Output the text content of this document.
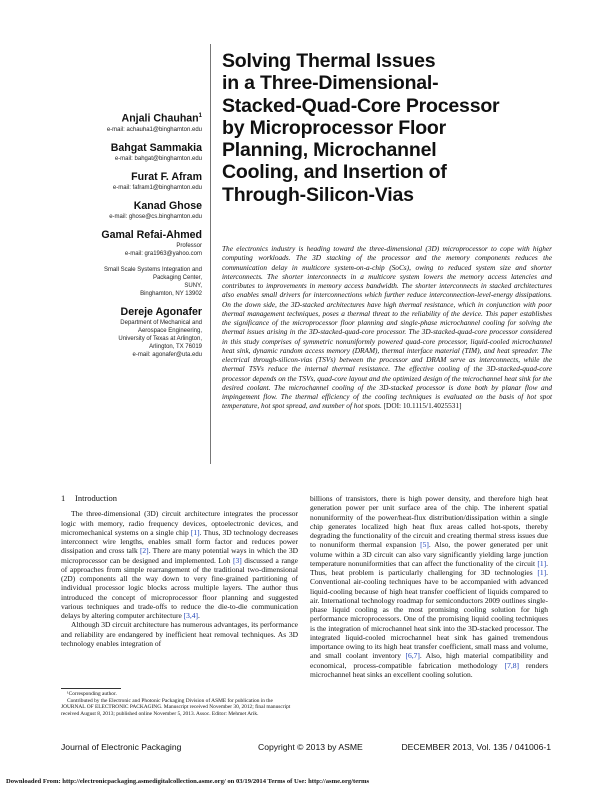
Solving Thermal Issues
in a Three-Dimensional-
Stacked-Quad-Core Processor
by Microprocessor Floor
Planning, Microchannel
Cooling, and Insertion of
Through-Silicon-Vias
Anjali Chauhan$^1$
e-mail: achauha1@binghamton.edu
Bahgat Sammakia
e-mail: bahgat@binghamton.edu
Furat F. Afram
e-mail: fafram1@binghamton.edu
Kanad Ghose
e-mail: ghose@cs.binghamton.edu
Gamal Refai-Ahmed
Professor
e-mail: gra1963@yahoo.com
Small Scale Systems Integration and
Packaging Center,
SUNY,
Binghamton, NY 13902
Dereje Agonafer
Department of Mechanical and
Aerospace Engineering,
University of Texas at Arlington,
Arlington, TX 76019
e-mail: agonafer@uta.edu

The electronics industry is heading toward the three-dimensional (3D) microprocessor to cope with higher computing workloads. The 3D stacking of the processor and the memory components reduces the communication delay in multicore system-on-a-chip (SoCs), owing to reduced system size and shorter interconnects. The shorter interconnects in a multicore system lowers the memory access latencies and contributes to improvements in memory access bandwidth. The shorter interconnects in stacked architectures also enables small drivers for interconnections which further reduce interconnection-level-energy dissipations. On the down side, the 3D-stacked architectures have high thermal resistance, which in conjunction with poor thermal management techniques, poses a thermal threat to the reliability of the device. This paper establishes the significance of the microprocessor floor planning and single-phase microchannel cooling for solving the thermal issues arising in the 3D-stacked-quad-core processor. The 3D-stacked-quad-core processor considered in this study comprises of symmetric nonuniformly powered quad-core processor, liquid-cooled microchannel heat sink, dynamic random access memory (DRAM), thermal interface material (TIM), and heat spreader. The electrical through-silicon-vias (TSVs) between the processor and DRAM serve as interconnects, while the thermal TSVs reduce the internal thermal resistance. The effective cooling of the 3D-stacked-quad-core processor depends on the TSVs, quad-core layout and the optimized design of the microchannel heat sink for the desired coolant. The microchannel cooling of the 3D-stacked processor is done both by planar flow and impingement flow. The thermal efficiency of the cooling techniques is evaluated on the basis of hot spot temperature, hot spot spread, and number of hot spots. [DOI: 10.1115/1.4025531]

1 Introduction

The three-dimensional (3D) circuit architecture integrates the processor logic with memory, radio frequency devices, optoelectronic devices, and micromechanical systems on a single chip [1]. Thus, 3D technology decreases interconnect wire lengths, enables small form factor and reduces power dissipation and cross talk [2]. There are many potential ways in which the 3D microprocessor can be designed and implemented. Loh [3] discussed a range of approaches from simple rearrangement of the traditional two-dimensional (2D) components all the way down to very fine-grained partitioning of individual processor logic blocks across multiple layers. The author thus introduced the concept of microprocessor floor planning and suggested various techniques and trade-offs to reduce the die-to-die communication delays by altering computer architecture [3,4].

Although 3D circuit architecture has numerous advantages, its performance and reliability are endangered by inefficient heat removal techniques. As 3D technology enables integration of

billions of transistors, there is high power density, and therefore high heat generation power per unit surface area of the chip. The inherent spatial nonuniformity of the power/heat-flux distribution/dissipation within a single chip generates localized high heat flux areas called hot-spots, thereby degrading the functionality of the circuit and creating thermal stress issues due to nonuniform thermal expansion [5]. Also, the power generated per unit volume within a 3D circuit can also vary significantly yielding large junction temperature nonuniformities that can affect the functionality of the circuit [1]. Thus, heat problem is particularly challenging for 3D technologies [1]. Conventional air-cooling techniques have to be accompanied with advanced liquid-cooling because of high heat transfer coefficient of liquids compared to air. International technology roadmap for semiconductors 2009 outlines single-phase liquid cooling as the most promising cooling solution for high performance microprocessors. One of the promising liquid cooling techniques is the integration of microchannel heat sink into the 3D-stacked processor. The integrated liquid-cooled microchannel heat sink has gained tremendous importance owing to its high heat transfer coefficient, small mass and volume, and small coolant inventory [6,7]. Also, high material compatibility and economical, process-compatible fabrication methodology [7,8] renders microchannel heat sinks an excellent cooling solution.

¹Corresponding author.

Contributed by the Electronic and Photonic Packaging Division of ASME for publication in the JOURNAL OF ELECTRONIC PACKAGING. Manuscript received November 30, 2012; final manuscript received August 8, 2013; published online November 5, 2013. Assoc. Editor: Mehmet Arik.

Journal of Electronic Packaging	Copyright © 2013 by ASME	DECEMBER 2013, Vol. 135 / 041006-1
Downloaded From: http://electronicpackaging.asmedigitalcollection.asme.org/ on 03/19/2014 Terms of Use: http://asme.org/terms
